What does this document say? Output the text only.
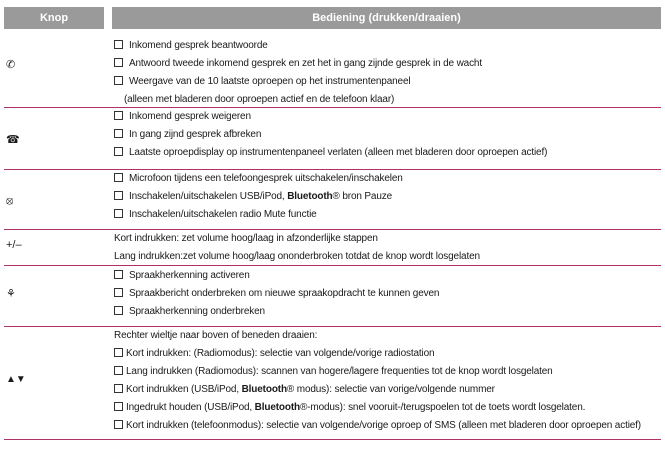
Knop	Bediening (drukken/draaien)
✆
Inkomend gesprek beantwoorde
Antwoord tweede inkomend gesprek en zet het in gang zijnde gesprek in de wacht
Weergave van de 10 laatste oproepen op het instrumentenpaneel
(alleen met bladeren door oproepen actief en de telefoon klaar)
☎
Inkomend gesprek weigeren
In gang zijnd gesprek afbreken
Laatste oproepdisplay op instrumentenpaneel verlaten (alleen met bladeren door oproepen actief)
⦻
Microfoon tijdens een telefoongesprek uitschakelen/inschakelen
Inschakelen/uitschakelen USB/iPod, Bluetooth® bron Pauze
Inschakelen/uitschakelen radio Mute functie
+/–
Kort indrukken: zet volume hoog/laag in afzonderlijke stappen
Lang indrukken:zet volume hoog/laag ononderbroken totdat de knop wordt losgelaten
⚘
Spraakherkenning activeren
Spraakbericht onderbreken om nieuwe spraakopdracht te kunnen geven
Spraakherkenning onderbreken
▲▼
Rechter wieltje naar boven of beneden draaien:
Kort indrukken: (Radiomodus): selectie van volgende/vorige radiostation
Lang indrukken (Radiomodus): scannen van hogere/lagere frequenties tot de knop wordt losgelaten
Kort indrukken (USB/iPod, Bluetooth® modus): selectie van vorige/volgende nummer
Ingedrukt houden (USB/iPod, Bluetooth®-modus): snel vooruit-/terugspoelen tot de toets wordt losgelaten.
Kort indrukken (telefoonmodus): selectie van volgende/vorige oproep of SMS (alleen met bladeren door oproepen actief)
